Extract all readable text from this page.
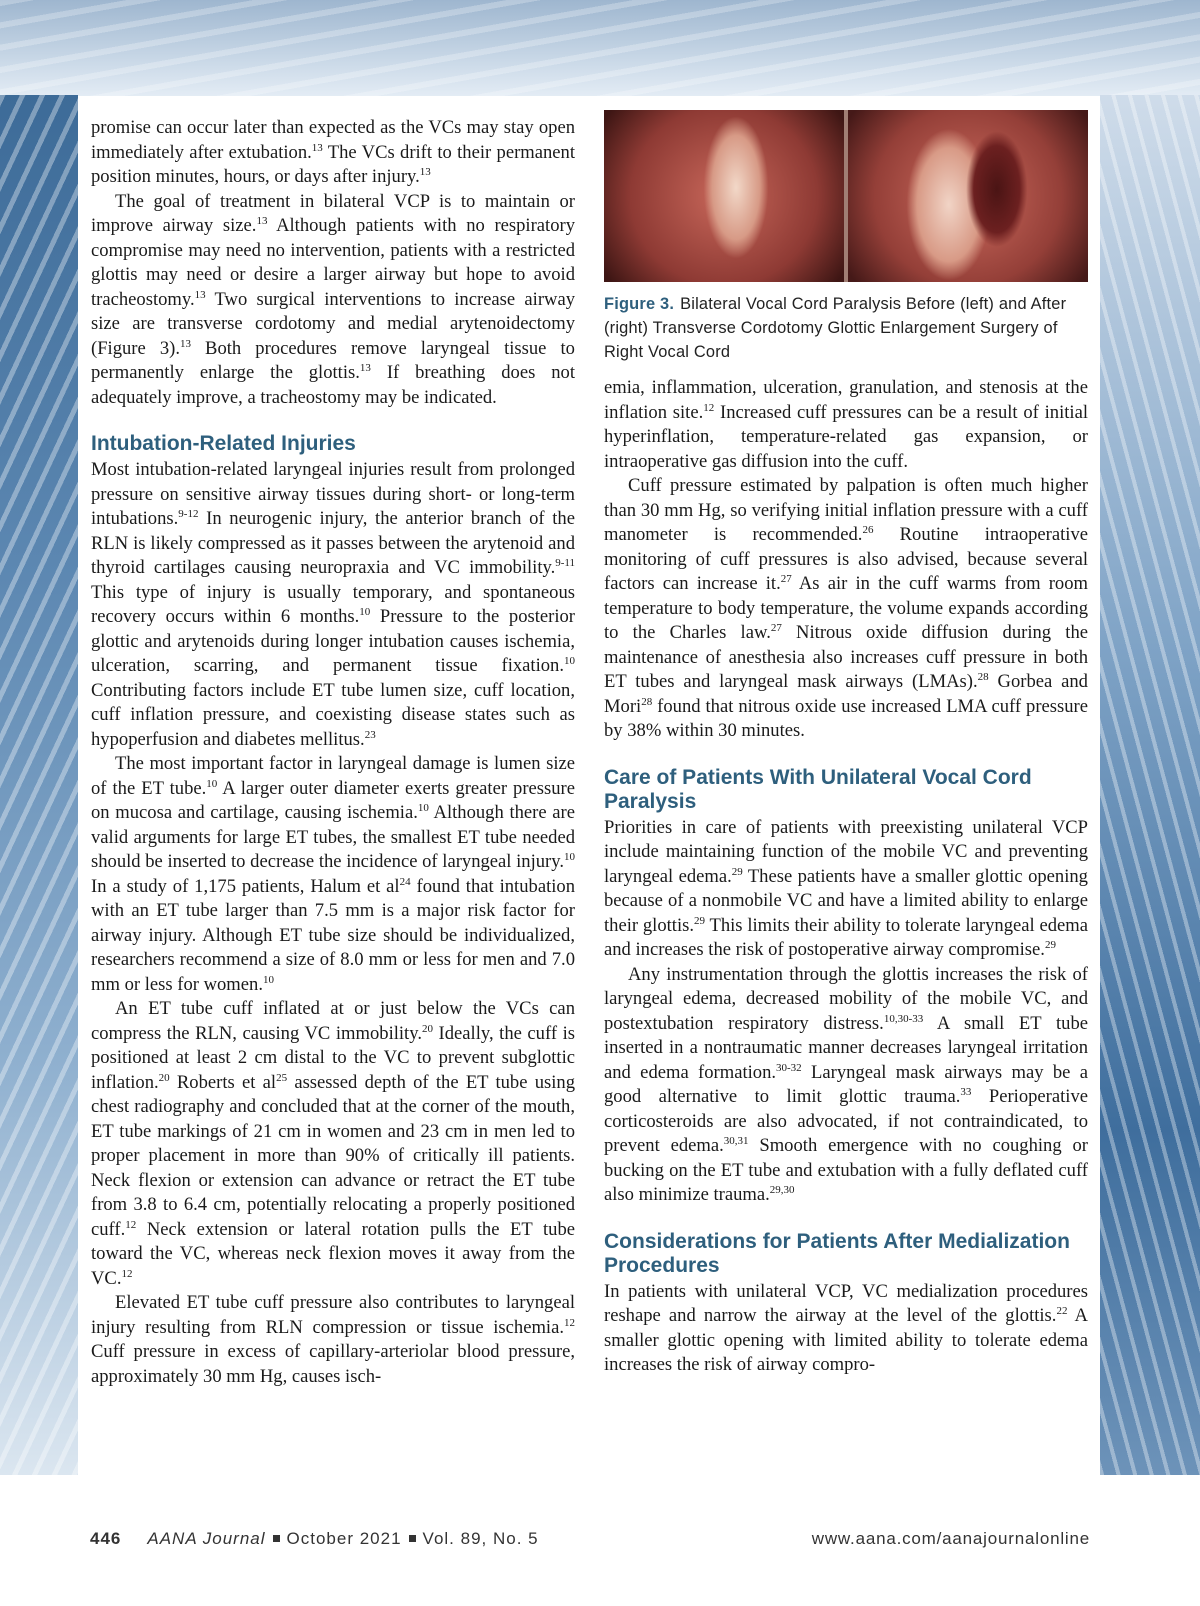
promise can occur later than expected as the VCs may stay open immediately after extubation.$^{13}$ The VCs drift to their permanent position minutes, hours, or days after injury.$^{13}$

The goal of treatment in bilateral VCP is to maintain or improve airway size.$^{13}$ Although patients with no respiratory compromise may need no intervention, patients with a restricted glottis may need or desire a larger airway but hope to avoid tracheostomy.$^{13}$ Two surgical interventions to increase airway size are transverse cordotomy and medial arytenoidectomy (Figure 3).$^{13}$ Both procedures remove laryngeal tissue to permanently enlarge the glottis.$^{13}$ If breathing does not adequately improve, a tracheostomy may be indicated.

Intubation-Related Injuries

Most intubation-related laryngeal injuries result from prolonged pressure on sensitive airway tissues during short- or long-term intubations.$^{9-12}$ In neurogenic injury, the anterior branch of the RLN is likely compressed as it passes between the arytenoid and thyroid cartilages causing neuropraxia and VC immobility.$^{9-11}$ This type of injury is usually temporary, and spontaneous recovery occurs within 6 months.$^{10}$ Pressure to the posterior glottic and arytenoids during longer intubation causes ischemia, ulceration, scarring, and permanent tissue fixation.$^{10}$ Contributing factors include ET tube lumen size, cuff location, cuff inflation pressure, and coexisting disease states such as hypoperfusion and diabetes mellitus.$^{23}$

The most important factor in laryngeal damage is lumen size of the ET tube.$^{10}$ A larger outer diameter exerts greater pressure on mucosa and cartilage, causing ischemia.$^{10}$ Although there are valid arguments for large ET tubes, the smallest ET tube needed should be inserted to decrease the incidence of laryngeal injury.$^{10}$ In a study of 1,175 patients, Halum et $al^{24}$ found that intubation with an ET tube larger than 7.5 mm is a major risk factor for airway injury. Although ET tube size should be individualized, researchers recommend a size of 8.0 mm or less for men and 7.0 mm or less for women.$^{10}$

An ET tube cuff inflated at or just below the VCs can compress the RLN, causing VC immobility.$^{20}$ Ideally, the cuff is positioned at least 2 cm distal to the VC to prevent subglottic inflation.$^{20}$ Roberts et $al^{25}$ assessed depth of the ET tube using chest radiography and concluded that at the corner of the mouth, ET tube markings of 21 cm in women and 23 cm in men led to proper placement in more than 90% of critically ill patients. Neck flexion or extension can advance or retract the ET tube from 3.8 to 6.4 cm, potentially relocating a properly positioned cuff.$^{12}$ Neck extension or lateral rotation pulls the ET tube toward the VC, whereas neck flexion moves it away from the VC.$^{12}$

Elevated ET tube cuff pressure also contributes to laryngeal injury resulting from RLN compression or tissue ischemia.$^{12}$ Cuff pressure in excess of capillary-arteriolar blood pressure, approximately 30 mm Hg, causes isch-

Figure 3. Bilateral Vocal Cord Paralysis Before (left) and After (right) Transverse Cordotomy Glottic Enlargement Surgery of Right Vocal Cord

emia, inflammation, ulceration, granulation, and stenosis at the inflation site.$^{12}$ Increased cuff pressures can be a result of initial hyperinflation, temperature-related gas expansion, or intraoperative gas diffusion into the cuff.

Cuff pressure estimated by palpation is often much higher than 30 mm Hg, so verifying initial inflation pressure with a cuff manometer is recommended.$^{26}$ Routine intraoperative monitoring of cuff pressures is also advised, because several factors can increase it.$^{27}$ As air in the cuff warms from room temperature to body temperature, the volume expands according to the Charles law.$^{27}$ Nitrous oxide diffusion during the maintenance of anesthesia also increases cuff pressure in both ET tubes and laryngeal mask airways (LMAs).$^{28}$ Gorbea and Mori$^{28}$ found that nitrous oxide use increased LMA cuff pressure by 38% within 30 minutes.

Care of Patients With Unilateral Vocal Cord Paralysis

Priorities in care of patients with preexisting unilateral VCP include maintaining function of the mobile VC and preventing laryngeal edema.$^{29}$ These patients have a smaller glottic opening because of a nonmobile VC and have a limited ability to enlarge their glottis.$^{29}$ This limits their ability to tolerate laryngeal edema and increases the risk of postoperative airway compromise.$^{29}$

Any instrumentation through the glottis increases the risk of laryngeal edema, decreased mobility of the mobile VC, and postextubation respiratory distress.$^{10,30-33}$ A small ET tube inserted in a nontraumatic manner decreases laryngeal irritation and edema formation.$^{30-32}$ Laryngeal mask airways may be a good alternative to limit glottic trauma.$^{33}$ Perioperative corticosteroids are also advocated, if not contraindicated, to prevent edema.$^{30,31}$ Smooth emergence with no coughing or bucking on the ET tube and extubation with a fully deflated cuff also minimize trauma.$^{29,30}$

Considerations for Patients After Medialization Procedures

In patients with unilateral VCP, VC medialization procedures reshape and narrow the airway at the level of the glottis.$^{22}$ A smaller glottic opening with limited ability to tolerate edema increases the risk of airway compro-

446 AANA Journal October 2021 Vol. 89, No. 5	www.aana.com/aanajournalonline
